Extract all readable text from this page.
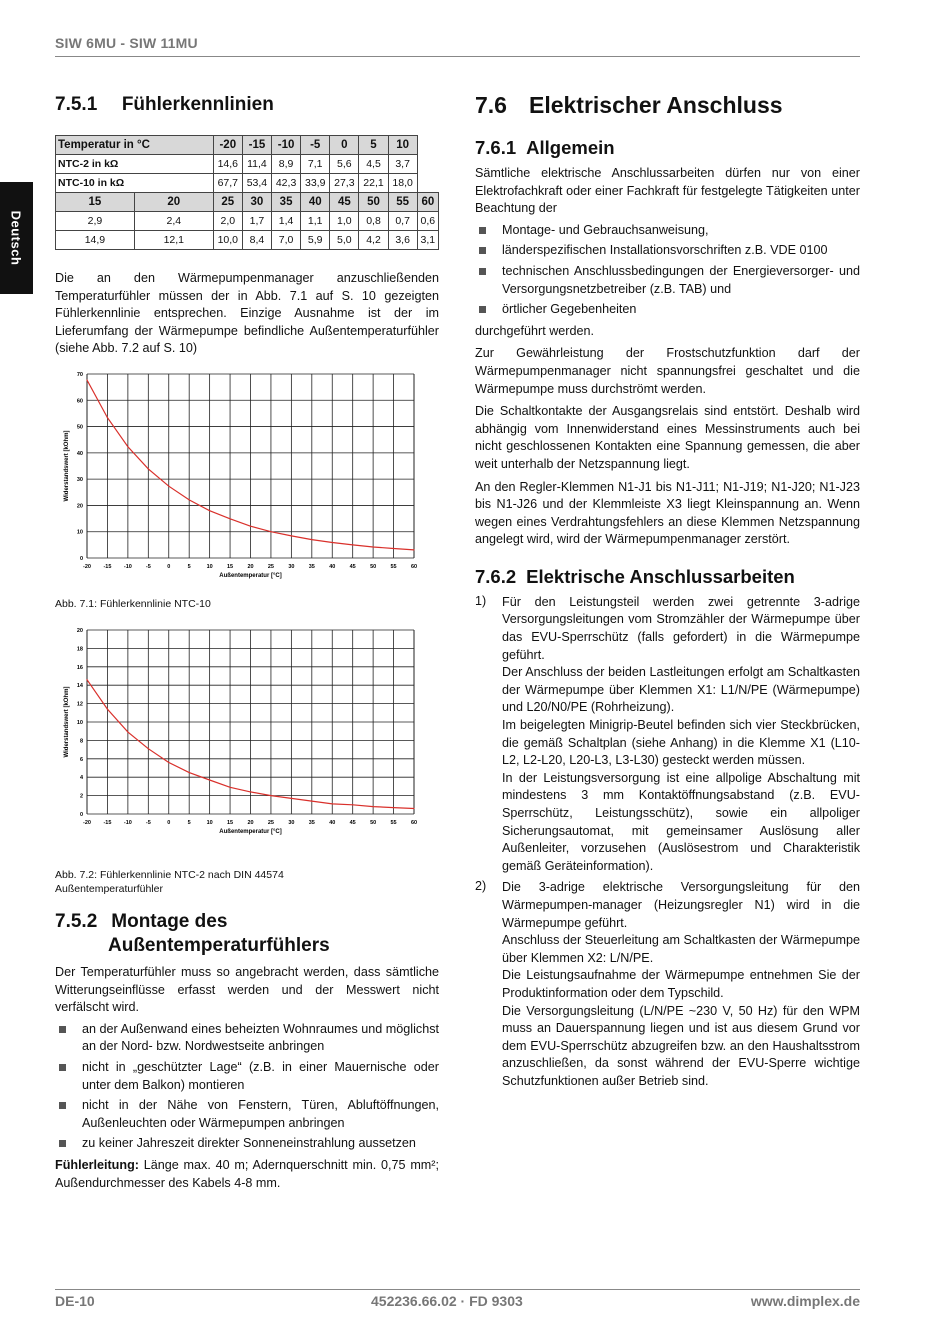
SIW 6MU - SIW 11MU
Deutsch
7.5.1 Fühlerkennlinien
Temperatur in °C		-20	-15	-10	-5	0	5	10	
NTC-2 in kΩ		14,6	11,4	8,9	7,1	5,6	4,5	3,7	
NTC-10 in kΩ		67,7	53,4	42,3	33,9	27,3	22,1	18,0	
15	20	25	30	35	40	45	50	55	60
2,9	2,4	2,0	1,7	1,4	1,1	1,0	0,8	0,7	0,6
14,9	12,1	10,0	8,4	7,0	5,9	5,0	4,2	3,6	3,1

Die an den Wärmepumpenmanager anzuschließenden Temperaturfühler müssen der in Abb. 7.1 auf S. 10 gezeigten Fühlerkennlinie entsprechen. Einzige Ausnahme ist der im Lieferumfang der Wärmepumpe befindliche Außentemperaturfühler (siehe Abb. 7.2 auf S. 10)

-20 -15 -10	-5	0	5	10	15	20	25	30	35	40	45	50	55	60
0
10
20
30
40
50
60
70
Außentemperatur [°C]
Widerstandswert [kOhm]
Abb. 7.1: Fühlerkennlinie NTC-10
-20 -15 -10	-5	0	5	10	15	20	25	30	35	40	45	50	55	60
0
2
4
6
8
10
12
14
16
18
20
Außentemperatur [°C]
Widerstandswert [kOhm]
Abb. 7.2: Fühlerkennlinie NTC-2 nach DIN 44574
Außentemperaturfühler
7.5.2 Montage des
Außentemperaturfühlers

Der Temperaturfühler muss so angebracht werden, dass sämtliche Witterungseinflüsse erfasst werden und der Messwert nicht verfälscht wird.

an der Außenwand eines beheizten Wohnraumes und möglichst an der Nord- bzw. Nordwestseite anbringen
nicht in „geschützter Lage“ (z.B. in einer Mauernische oder unter dem Balkon) montieren
nicht in der Nähe von Fenstern, Türen, Abluftöffnungen, Außenleuchten oder Wärmepumpen anbringen
zu keiner Jahreszeit direkter Sonneneinstrahlung aussetzen

Fühlerleitung: Länge max. 40 m; Adernquerschnitt min. 0,75 mm²; Außendurchmesser des Kabels 4-8 mm.

7.6 Elektrischer Anschluss
7.6.1 Allgemein

Sämtliche elektrische Anschlussarbeiten dürfen nur von einer Elektrofachkraft oder einer Fachkraft für festgelegte Tätigkeiten unter Beachtung der

Montage- und Gebrauchsanweisung,
länderspezifischen Installationsvorschriften z.B. VDE 0100
technischen Anschlussbedingungen der Energieversorger- und Versorgungsnetzbetreiber (z.B. TAB) und
örtlicher Gegebenheiten

durchgeführt werden.

Zur Gewährleistung der Frostschutzfunktion darf der Wärmepumpenmanager nicht spannungsfrei geschaltet und die Wärmepumpe muss durchströmt werden.

Die Schaltkontakte der Ausgangsrelais sind entstört. Deshalb wird abhängig vom Innenwiderstand eines Messinstruments auch bei nicht geschlossenen Kontakten eine Spannung gemessen, die aber weit unterhalb der Netzspannung liegt.

An den Regler-Klemmen N1-J1 bis N1-J11; N1-J19; N1-J20; N1-J23 bis N1-J26 und der Klemmleiste X3 liegt Kleinspannung an. Wenn wegen eines Verdrahtungsfehlers an diese Klemmen Netzspannung angelegt wird, wird der Wärmepumpenmanager zerstört.

7.6.2 Elektrische Anschlussarbeiten
1) Für den Leistungsteil werden zwei getrennte 3-adrige Versorgungsleitungen vom Stromzähler der Wärmepumpe über das EVU-Sperrschütz (falls gefordert) in die Wärmepumpe geführt.

Der Anschluss der beiden Lastleitungen erfolgt am Schaltkasten der Wärmepumpe über Klemmen X1: L1/N/PE (Wärmepumpe) und L20/N0/PE (Rohrheizung).

Im beigelegten Minigrip-Beutel befinden sich vier Steckbrücken, die gemäß Schaltplan (siehe Anhang) in die Klemme X1 (L10-L2, L2-L20, L20-L3, L3-L30) gesteckt werden müssen.

In der Leistungsversorgung ist eine allpolige Abschaltung mit mindestens 3 mm Kontaktöffnungsabstand (z.B. EVU-Sperrschütz, Leistungsschütz), sowie ein allpoliger Sicherungsautomat, mit gemeinsamer Auslösung aller Außenleiter, vorzusehen (Auslösestrom und Charakteristik gemäß Geräteinformation).

2) Die 3-adrige elektrische Versorgungsleitung für den Wärmepumpen-manager (Heizungsregler N1) wird in die Wärmepumpe geführt.

Anschluss der Steuerleitung am Schaltkasten der Wärmepumpe über Klemmen X2: L/N/PE.

Die Leistungsaufnahme der Wärmepumpe entnehmen Sie der Produktinformation oder dem Typschild.

Die Versorgungsleitung (L/N/PE ~230 V, 50 Hz) für den WPM muss an Dauerspannung liegen und ist aus diesem Grund vor dem EVU-Sperrschütz abzugreifen bzw. an den Haushaltsstrom anzuschließen, da sonst während der EVU-Sperre wichtige Schutzfunktionen außer Betrieb sind.

DE-10	452236.66.02 · FD 9303	www.dimplex.de
